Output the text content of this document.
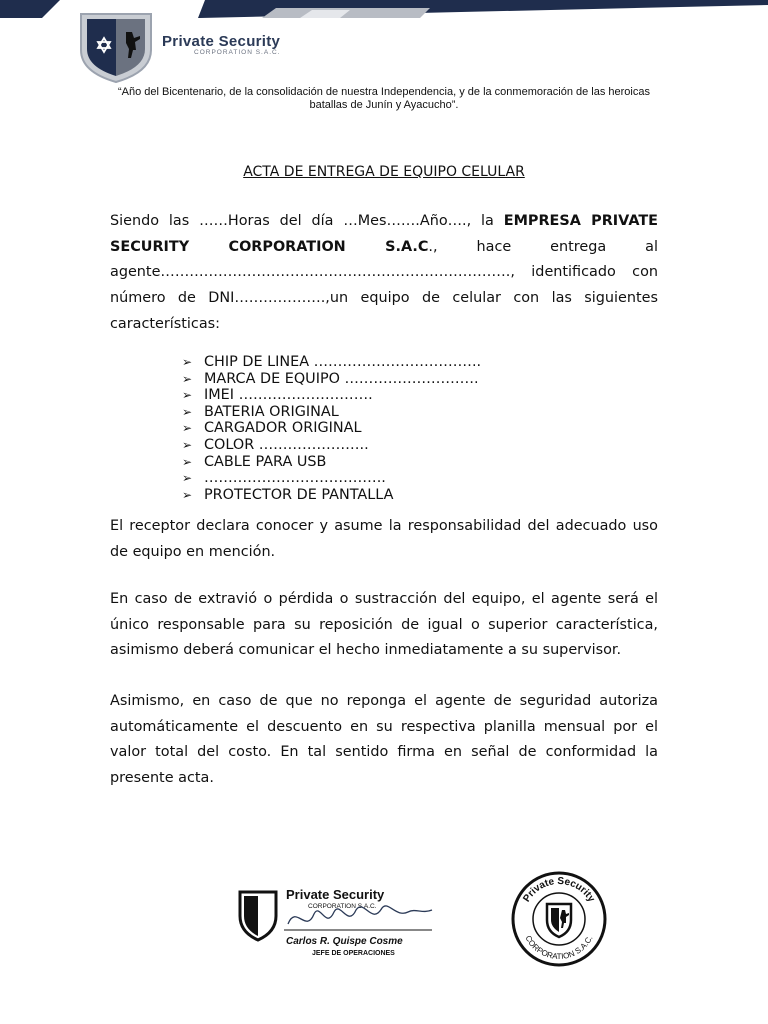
Private Security
CORPORATION S.A.C.
“Año del Bicentenario, de la consolidación de nuestra Independencia, y de la conmemoración de las heroicas batallas de Junín y Ayacucho”.
ACTA DE ENTREGA DE EQUIPO CELULAR
Siendo las ……Horas del día …Mes…….Año…., la EMPRESA PRIVATE SECURITY CORPORATION S.A.C., hace entrega al agente………………………………………………………………., identificado con número de DNI……………….,un equipo de celular con las siguientes características:
➢ CHIP DE LINEA ……………………………..
➢ MARCA DE EQUIPO ……………………….
➢ IMEI ……………………….
➢ BATERIA ORIGINAL
➢ CARGADOR ORIGINAL
➢ COLOR …………………..
➢ CABLE PARA USB
➢ ………………………………..
➢ PROTECTOR DE PANTALLA
El receptor declara conocer y asume la responsabilidad del adecuado uso de equipo en mención.
En caso de extravió o pérdida o sustracción del equipo, el agente será el único responsable para su reposición de igual o superior característica, asimismo deberá comunicar el hecho inmediatamente a su supervisor.
Asimismo, en caso de que no reponga el agente de seguridad autoriza automáticamente el descuento en su respectiva planilla mensual por el valor total del costo. En tal sentido firma en señal de conformidad la presente acta.
Private Security
CORPORATION S.A.C.
Carlos R. Quispe Cosme
JEFE DE OPERACIONES
Private Security
CORPORATION S.A.C.
